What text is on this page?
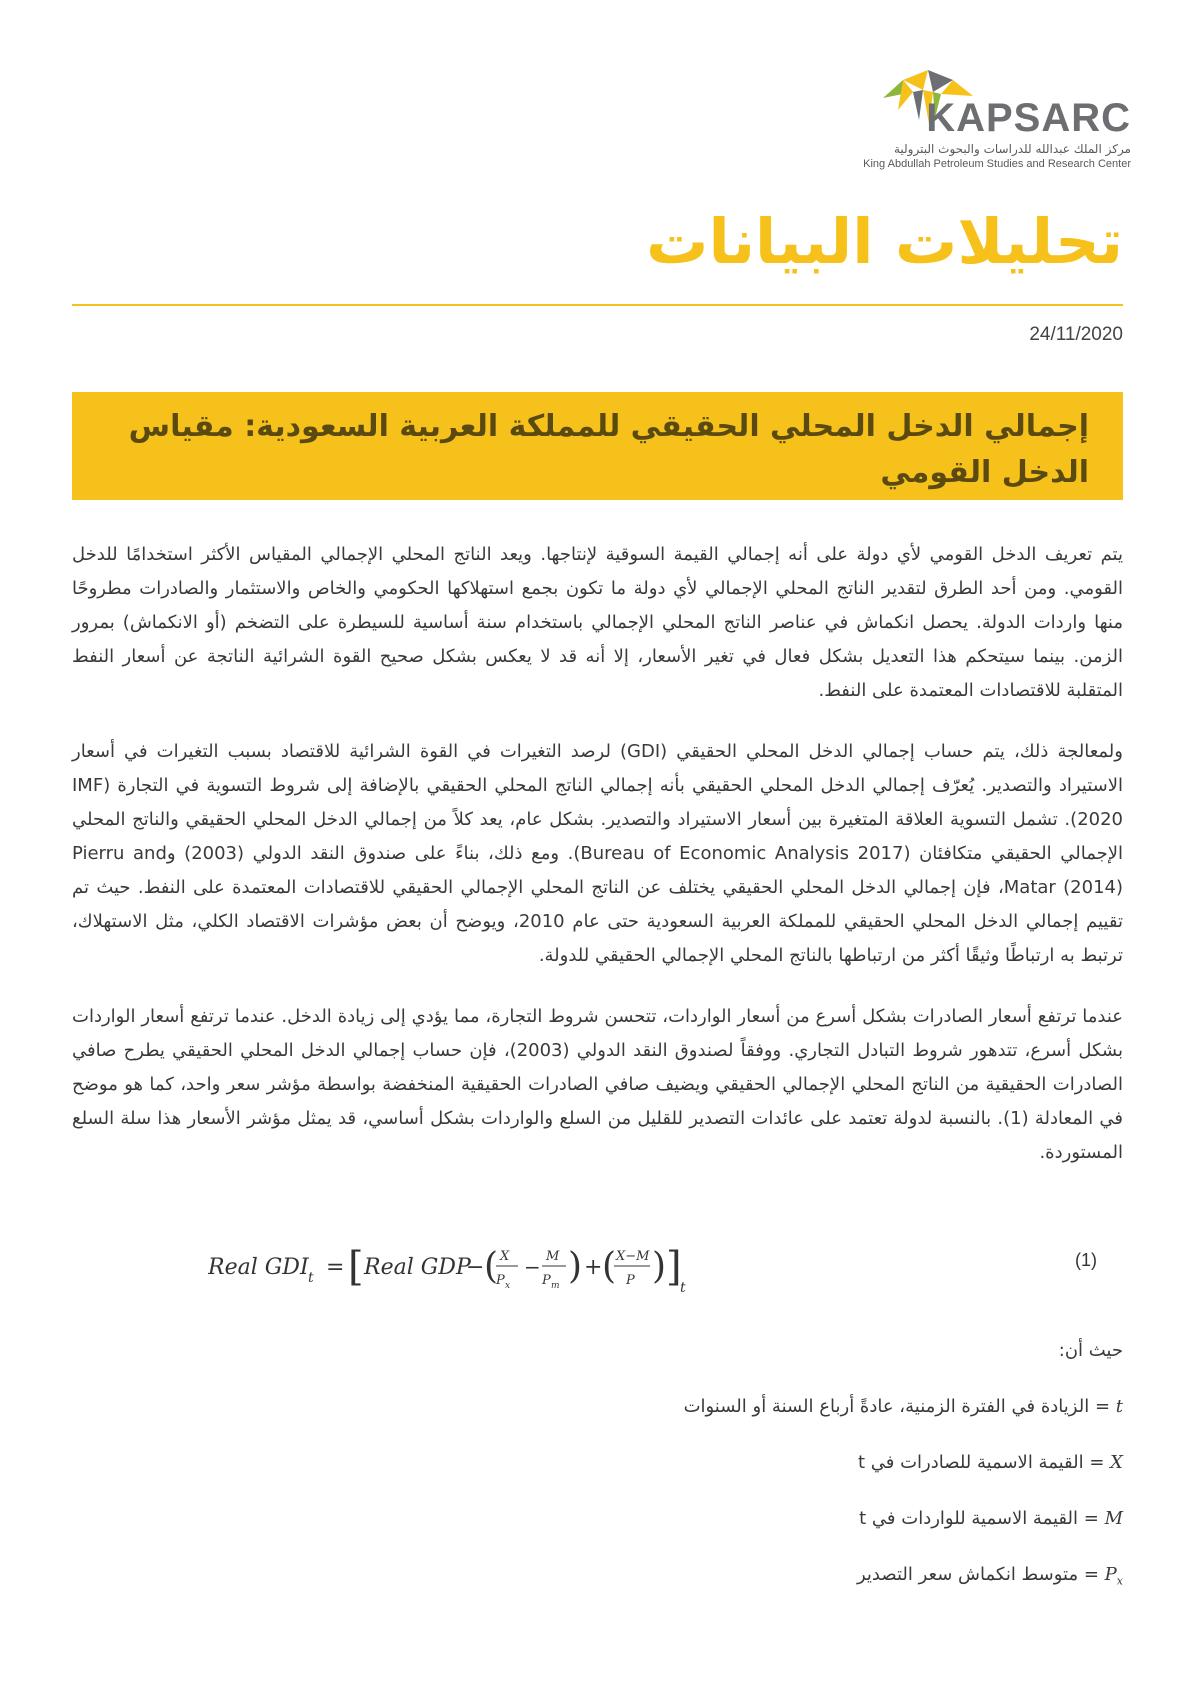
KAPSARC
مركز الملك عبدالله للدراسات والبحوث البترولية
King Abdullah Petroleum Studies and Research Center
تحليلات البيانات
24/11/2020
إجمالي الدخل المحلي الحقيقي للمملكة العربية السعودية: مقياس الدخل القومي

يتم تعريف الدخل القومي لأي دولة على أنه إجمالي القيمة السوقية لإنتاجها. ويعد الناتج المحلي الإجمالي المقياس الأكثر استخدامًا للدخل القومي. ومن أحد الطرق لتقدير الناتج المحلي الإجمالي لأي دولة ما تكون بجمع استهلاكها الحكومي والخاص والاستثمار والصادرات مطروحًا منها واردات الدولة. يحصل انكماش في عناصر الناتج المحلي الإجمالي باستخدام سنة أساسية للسيطرة على التضخم (أو الانكماش) بمرور الزمن. بينما سيتحكم هذا التعديل بشكل فعال في تغير الأسعار، إلا أنه قد لا يعكس بشكل صحيح القوة الشرائية الناتجة عن أسعار النفط المتقلبة للاقتصادات المعتمدة على النفط.

ولمعالجة ذلك، يتم حساب إجمالي الدخل المحلي الحقيقي (GDI) لرصد التغيرات في القوة الشرائية للاقتصاد بسبب التغيرات في أسعار الاستيراد والتصدير. يُعرّف إجمالي الدخل المحلي الحقيقي بأنه إجمالي الناتج المحلي الحقيقي بالإضافة إلى شروط التسوية في التجارة (IMF 2020). تشمل التسوية العلاقة المتغيرة بين أسعار الاستيراد والتصدير. بشكل عام، يعد كلاً من إجمالي الدخل المحلي الحقيقي والناتج المحلي الإجمالي الحقيقي متكافئان (Bureau of Economic Analysis 2017). ومع ذلك، بناءً على صندوق النقد الدولي (2003) وPierru and Matar (2014)، فإن إجمالي الدخل المحلي الحقيقي يختلف عن الناتج المحلي الإجمالي الحقيقي للاقتصادات المعتمدة على النفط. حيث تم تقييم إجمالي الدخل المحلي الحقيقي للمملكة العربية السعودية حتى عام 2010، ويوضح أن بعض مؤشرات الاقتصاد الكلي، مثل الاستهلاك، ترتبط به ارتباطًا وثيقًا أكثر من ارتباطها بالناتج المحلي الإجمالي الحقيقي للدولة.

عندما ترتفع أسعار الصادرات بشكل أسرع من أسعار الواردات، تتحسن شروط التجارة، مما يؤدي إلى زيادة الدخل. عندما ترتفع أسعار الواردات بشكل أسرع، تتدهور شروط التبادل التجاري. ووفقاً لصندوق النقد الدولي (2003)، فإن حساب إجمالي الدخل المحلي الحقيقي يطرح صافي الصادرات الحقيقية من الناتج المحلي الإجمالي الحقيقي ويضيف صافي الصادرات الحقيقية المنخفضة بواسطة مؤشر سعر واحد، كما هو موضح في المعادلة (1). بالنسبة لدولة تعتمد على عائدات التصدير للقليل من السلع والواردات بشكل أساسي، قد يمثل مؤشر الأسعار هذا سلة السلع المستوردة.

Real GDI t = [ Real GDP
− ( X
P x
− M
P m ) + ( X−M
P ) ]
t
(1)
حيث أن:
t = الزيادة في الفترة الزمنية، عادةً أرباع السنة أو السنوات
X = القيمة الاسمية للصادرات في t
M = القيمة الاسمية للواردات في t
$P_x$ = متوسط انكماش سعر التصدير
